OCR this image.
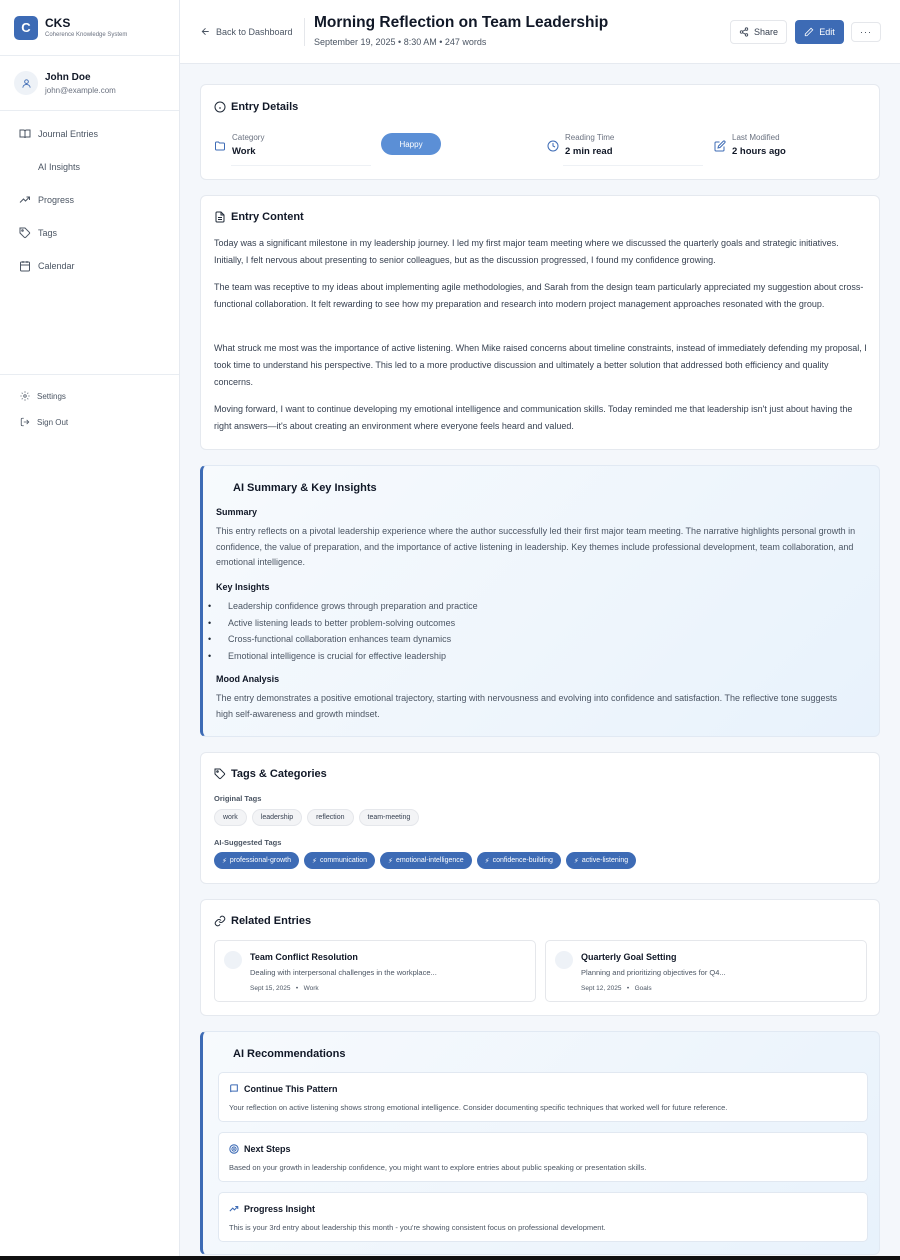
C	CKS
Coherence Knowledge System
John Doe
john@example.com
Journal Entries
AI Insights
Progress
Tags
Calendar
Settings
Sign Out
Back to Dashboard
Morning Reflection on Team Leadership
September 19, 2025 • 8:30 AM • 247 words
Share	Edit	···
Entry Details
Category
Work
Happy
Reading Time
2 min read
Last Modified
2 hours ago
Entry Content

Today was a significant milestone in my leadership journey. I led my first major team meeting where we discussed the quarterly goals and strategic initiatives. Initially, I felt nervous about presenting to senior colleagues, but as the discussion progressed, I found my confidence growing.

The team was receptive to my ideas about implementing agile methodologies, and Sarah from the design team particularly appreciated my suggestion about cross-functional collaboration. It felt rewarding to see how my preparation and research into modern project management approaches resonated with the group.

What struck me most was the importance of active listening. When Mike raised concerns about timeline constraints, instead of immediately defending my proposal, I took time to understand his perspective. This led to a more productive discussion and ultimately a better solution that addressed both efficiency and quality concerns.

Moving forward, I want to continue developing my emotional intelligence and communication skills. Today reminded me that leadership isn't just about having the right answers—it's about creating an environment where everyone feels heard and valued.

AI Summary & Key Insights
Summary

This entry reflects on a pivotal leadership experience where the author successfully led their first major team meeting. The narrative highlights personal growth in confidence, the value of preparation, and the importance of active listening in leadership. Key themes include professional development, team collaboration, and emotional intelligence.

Key Insights
• Leadership confidence grows through preparation and practice
• Active listening leads to better problem-solving outcomes
• Cross-functional collaboration enhances team dynamics
• Emotional intelligence is crucial for effective leadership
Mood Analysis

The entry demonstrates a positive emotional trajectory, starting with nervousness and evolving into confidence and satisfaction. The reflective tone suggests high self-awareness and growth mindset.

Tags & Categories
Original Tags
work	leadership	reflection	team-meeting
AI-Suggested Tags
⚡ professional-growth	⚡ communication	⚡ emotional-intelligence	⚡ confidence-building	⚡ active-listening
Related Entries
Team Conflict Resolution
Dealing with interpersonal challenges in the workplace...
Sept 15, 2025   •   Work
Quarterly Goal Setting
Planning and prioritizing objectives for Q4...
Sept 12, 2025   •   Goals
AI Recommendations
Continue This Pattern
Your reflection on active listening shows strong emotional intelligence. Consider documenting specific techniques that worked well for future reference.
Next Steps
Based on your growth in leadership confidence, you might want to explore entries about public speaking or presentation skills.
Progress Insight
This is your 3rd entry about leadership this month - you're showing consistent focus on professional development.
